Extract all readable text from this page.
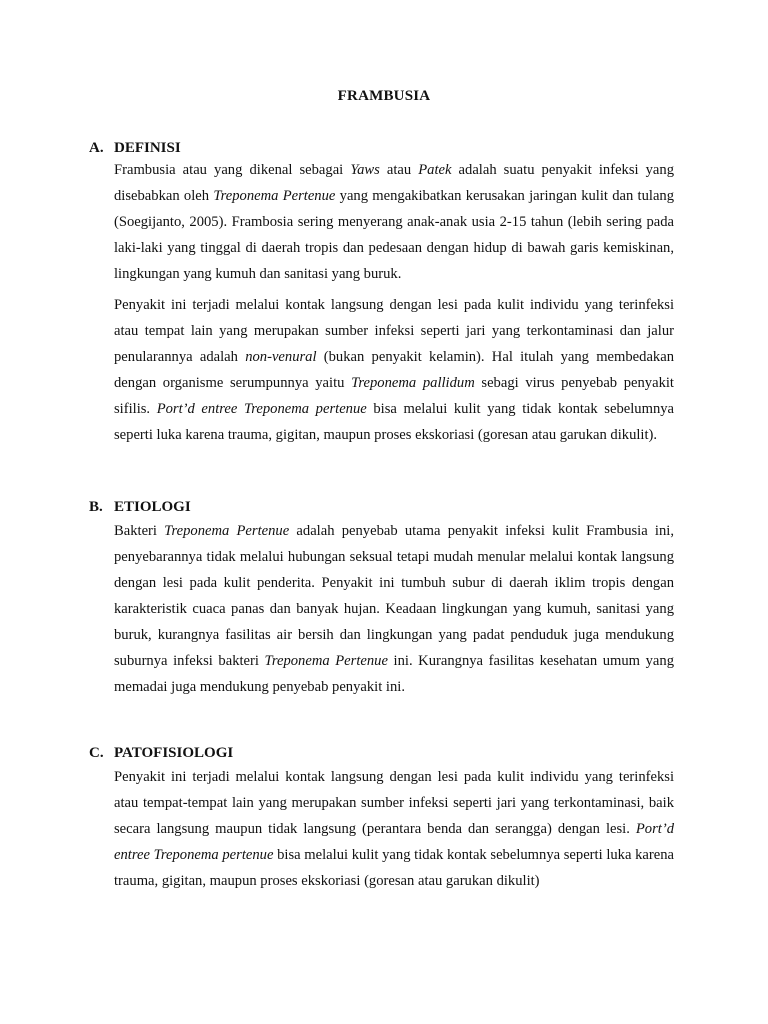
FRAMBUSIA
A. DEFINISI
Frambusia atau yang dikenal sebagai Yaws atau Patek adalah suatu penyakit infeksi yang disebabkan oleh Treponema Pertenue yang mengakibatkan kerusakan jaringan kulit dan tulang (Soegijanto, 2005). Frambosia sering menyerang anak-anak usia 2-15 tahun (lebih sering pada laki-laki yang tinggal di daerah tropis dan pedesaan dengan hidup di bawah garis kemiskinan, lingkungan yang kumuh dan sanitasi yang buruk.
Penyakit ini terjadi melalui kontak langsung dengan lesi pada kulit individu yang terinfeksi atau tempat lain yang merupakan sumber infeksi seperti jari yang terkontaminasi dan jalur penularannya adalah non-venural (bukan penyakit kelamin). Hal itulah yang membedakan dengan organisme serumpunnya yaitu Treponema pallidum sebagi virus penyebab penyakit sifilis. Port’d entree Treponema pertenue bisa melalui kulit yang tidak kontak sebelumnya seperti luka karena trauma, gigitan, maupun proses ekskoriasi (goresan atau garukan dikulit).
B. ETIOLOGI
Bakteri Treponema Pertenue adalah penyebab utama penyakit infeksi kulit Frambusia ini, penyebarannya tidak melalui hubungan seksual tetapi mudah menular melalui kontak langsung dengan lesi pada kulit penderita. Penyakit ini tumbuh subur di daerah iklim tropis dengan karakteristik cuaca panas dan banyak hujan. Keadaan lingkungan yang kumuh, sanitasi yang buruk, kurangnya fasilitas air bersih dan lingkungan yang padat penduduk juga mendukung suburnya infeksi bakteri Treponema Pertenue ini. Kurangnya fasilitas kesehatan umum yang memadai juga mendukung penyebab penyakit ini.
C. PATOFISIOLOGI
Penyakit ini terjadi melalui kontak langsung dengan lesi pada kulit individu yang terinfeksi atau tempat-tempat lain yang merupakan sumber infeksi seperti jari yang terkontaminasi, baik secara langsung maupun tidak langsung (perantara benda dan serangga) dengan lesi. Port’d entree Treponema pertenue bisa melalui kulit yang tidak kontak sebelumnya seperti luka karena trauma, gigitan, maupun proses ekskoriasi (goresan atau garukan dikulit)
